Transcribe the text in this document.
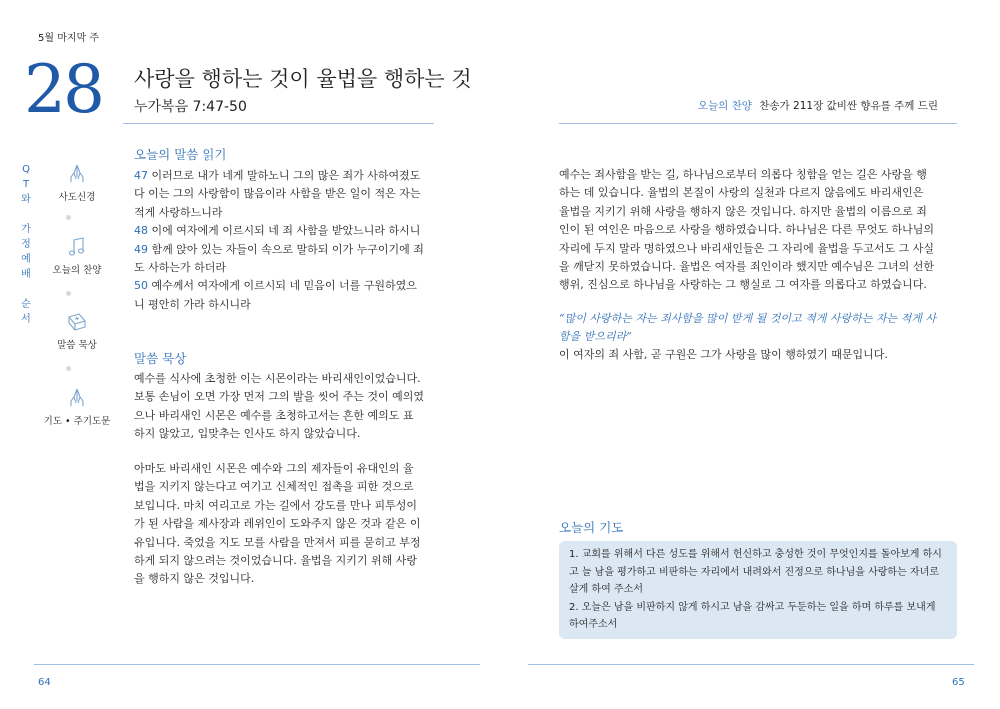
5월 마지막 주
28 사랑을 행하는 것이 율법을 행하는 것
누가복음 7:47-50	오늘의 찬양 찬송가 211장 값비싼 향유를 주께 드린
Q
T
와

가
정
예
배

순
서
사도신경
오늘의 찬양
말씀 묵상
기도 • 주기도문
오늘의 말씀 읽기
47 이러므로 내가 네게 말하노니 그의 많은 죄가 사하여졌도
다 이는 그의 사랑함이 많음이라 사함을 받은 일이 적은 자는
적게 사랑하느니라
48 이에 여자에게 이르시되 네 죄 사함을 받았느니라 하시니
49 함께 앉아 있는 자들이 속으로 말하되 이가 누구이기에 죄
도 사하는가 하더라
50 예수께서 여자에게 이르시되 네 믿음이 너를 구원하였으
니 평안히 가라 하시니라
말씀 묵상
예수를 식사에 초청한 이는 시몬이라는 바리새인이었습니다.
보통 손님이 오면 가장 먼저 그의 발을 씻어 주는 것이 예의였
으나 바리새인 시몬은 예수를 초청하고서는 흔한 예의도 표
하지 않았고, 입맞추는 인사도 하지 않았습니다.
아마도 바리새인 시몬은 예수와 그의 제자들이 유대인의 율
법을 지키지 않는다고 여기고 신체적인 접촉을 피한 것으로
보입니다. 마치 여리고로 가는 길에서 강도를 만나 피투성이
가 된 사람을 제사장과 레위인이 도와주지 않은 것과 같은 이
유입니다. 죽었을 지도 모를 사람을 만져서 피를 묻히고 부정
하게 되지 않으려는 것이었습니다. 율법을 지키기 위해 사랑
을 행하지 않은 것입니다.
예수는 죄사함을 받는 길, 하나님으로부터 의롭다 칭함을 얻는 길은 사랑을 행
하는 데 있습니다. 율법의 본질이 사랑의 실천과 다르지 않음에도 바리새인은
율법을 지키기 위해 사랑을 행하지 않은 것입니다. 하지만 율법의 이름으로 죄
인이 된 여인은 마음으로 사랑을 행하였습니다. 하나님은 다른 무엇도 하나님의
자리에 두지 말라 명하였으나 바리새인들은 그 자리에 율법을 두고서도 그 사실
을 깨닫지 못하였습니다. 율법은 여자를 죄인이라 했지만 예수님은 그녀의 선한
행위, 진심으로 하나님을 사랑하는 그 행실로 그 여자를 의롭다고 하였습니다.
“많이 사랑하는 자는 죄사함을 많이 받게 될 것이고 적게 사랑하는 자는 적게 사
함을 받으리라”
이 여자의 죄 사함, 곧 구원은 그가 사랑을 많이 행하였기 때문입니다.
오늘의 기도
1. 교회를 위해서 다른 성도를 위해서 헌신하고 충성한 것이 무엇인지를 돌아보게 하시
고 늘 남을 평가하고 비판하는 자리에서 내려와서 진정으로 하나님을 사랑하는 자녀로
살게 하여 주소서
2. 오늘은 남을 비판하지 않게 하시고 남을 감싸고 두둔하는 일을 하며 하루를 보내게
하여주소서
64	65
